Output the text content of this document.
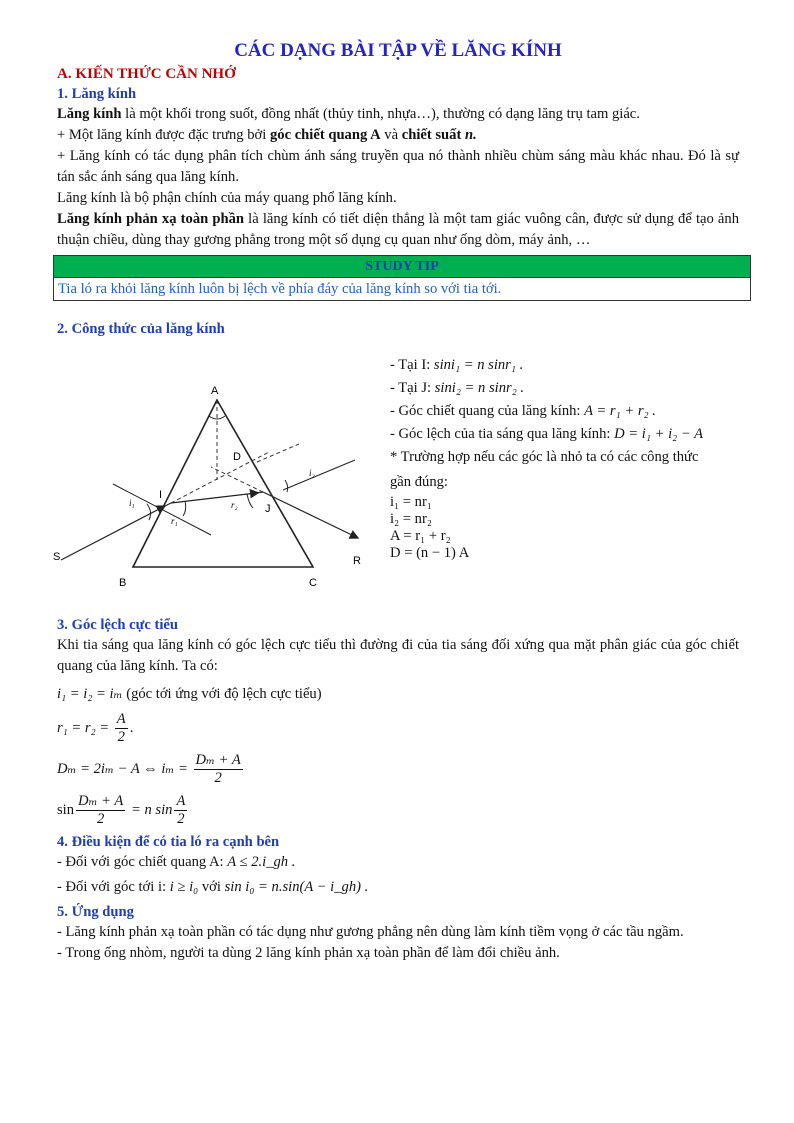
CÁC DẠNG BÀI TẬP VỀ LĂNG KÍNH
A. KIẾN THỨC CẦN NHỚ
1. Lăng kính

Lăng kính là một khối trong suốt, đồng nhất (thủy tinh, nhựa…), thường có dạng lăng trụ tam giác.

+ Một lăng kính được đặc trưng bởi góc chiết quang A và chiết suất n.

+ Lăng kính có tác dụng phân tích chùm ánh sáng truyền qua nó thành nhiều chùm sáng màu khác nhau. Đó là sự tán sắc ánh sáng qua lăng kính.

Lăng kính là bộ phận chính của máy quang phổ lăng kính.

Lăng kính phản xạ toàn phần là lăng kính có tiết diện thẳng là một tam giác vuông cân, được sử dụng để tạo ảnh thuận chiều, dùng thay gương phẳng trong một số dụng cụ quan như ống dòm, máy ảnh, …

STUDY TIP
Tia ló ra khỏi lăng kính luôn bị lệch về phía đáy của lăng kính so với tia tới.
2. Công thức của lăng kính
A
B	C
I
J
D
S	R
i₁
i₂
r₁
r₂

- Tại I: sini₁ = n sinr₁ .

- Tại J: sini₂ = n sinr₂ .

- Góc chiết quang của lăng kính: A = r₁ + r₂ .

- Góc lệch của tia sáng qua lăng kính: D = i₁ + i₂ − A

* Trường hợp nếu các góc là nhỏ ta có các công thức

gần đúng:

i₁ = nr₁
i₂ = nr₂
A = r₁ + r₂
D = (n − 1) A

3. Góc lệch cực tiểu

Khi tia sáng qua lăng kính có góc lệch cực tiểu thì đường đi của tia sáng đối xứng qua mặt phân giác của góc chiết quang của lăng kính. Ta có:

i₁ = i₂ = iₘ (góc tới ứng với độ lệch cực tiểu)

$r_1 = r_2 = \frac{A}{2}$ .

Dₘ = 2iₘ − A ⇔ $i_m = \frac{\text{Dₘ + A}}{2}$

$\sin \frac{\text{Dₘ + A}}{2} = n$ $\sin \frac{A}{2}$

4. Điều kiện để có tia ló ra cạnh bên

- Đối với góc chiết quang A: A ≤ 2.i_gh .

- Đối với góc tới i: i ≥ i₀ với sin i₀ = n.sin(A − i_gh) .

5. Ứng dụng

- Lăng kính phản xạ toàn phần có tác dụng như gương phẳng nên dùng làm kính tiềm vọng ở các tầu ngầm.

- Trong ống nhòm, người ta dùng 2 lăng kính phản xạ toàn phần để làm đổi chiều ảnh.
